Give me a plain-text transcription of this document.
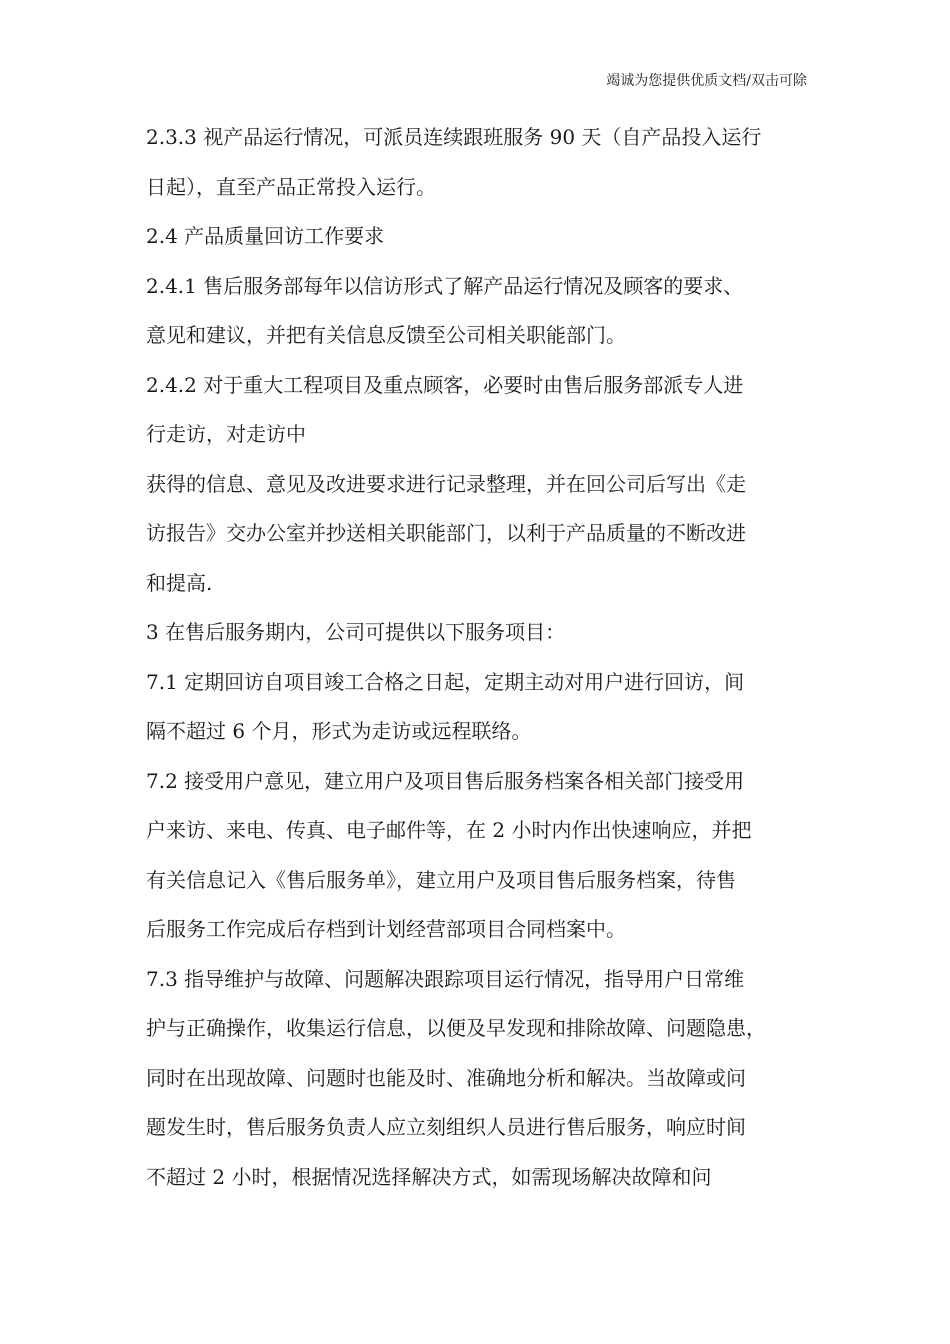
竭诚为您提供优质文档/双击可除
2.3.3 视产品运行情况，可派员连续跟班服务 90 天（自产品投入运行
日起），直至产品正常投入运行。
2.4 产品质量回访工作要求
2.4.1 售后服务部每年以信访形式了解产品运行情况及顾客的要求、
意见和建议，并把有关信息反馈至公司相关职能部门。
2.4.2 对于重大工程项目及重点顾客，必要时由售后服务部派专人进
行走访，对走访中
获得的信息、意见及改进要求进行记录整理，并在回公司后写出《走
访报告》交办公室并抄送相关职能部门，以利于产品质量的不断改进
和提高.
3 在售后服务期内，公司可提供以下服务项目：
7.1 定期回访自项目竣工合格之日起，定期主动对用户进行回访，间
隔不超过 6 个月，形式为走访或远程联络。
7.2 接受用户意见，建立用户及项目售后服务档案各相关部门接受用
户来访、来电、传真、电子邮件等，在 2 小时内作出快速响应，并把
有关信息记入《售后服务单》，建立用户及项目售后服务档案，待售
后服务工作完成后存档到计划经营部项目合同档案中。
7.3 指导维护与故障、问题解决跟踪项目运行情况，指导用户日常维
护与正确操作，收集运行信息，以便及早发现和排除故障、问题隐患，
同时在出现故障、问题时也能及时、准确地分析和解决。当故障或问
题发生时，售后服务负责人应立刻组织人员进行售后服务，响应时间
不超过 2 小时，根据情况选择解决方式，如需现场解决故障和问
